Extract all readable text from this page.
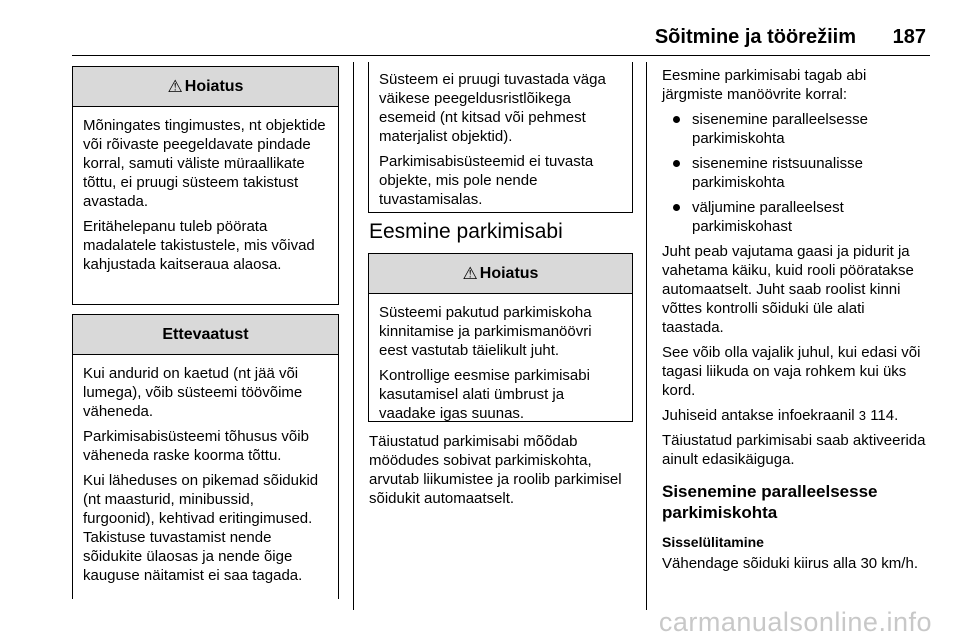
Sõitmine ja töörežiim 187
⚠ Hoiatus

Mõningates tingimustes, nt objektide või rõivaste peegeldavate pindade korral, samuti väliste müraallikate tõttu, ei pruugi süsteem takistust avastada.

Eritähelepanu tuleb pöörata madalatele takistustele, mis võivad kahjustada kaitseraua alaosa.

Ettevaatust

Kui andurid on kaetud (nt jää või lumega), võib süsteemi töövõime väheneda.

Parkimisabisüsteemi tõhusus võib väheneda raske koorma tõttu.

Kui läheduses on pikemad sõidukid (nt maasturid, minibussid, furgoonid), kehtivad eritingimused. Takistuse tuvastamist nende sõidukite ülaosas ja nende õige kauguse näitamist ei saa tagada.

Süsteem ei pruugi tuvastada väga väikese peegeldusristlõikega esemeid (nt kitsad või pehmest materjalist objektid).

Parkimisabisüsteemid ei tuvasta objekte, mis pole nende tuvastamisalas.

Eesmine parkimisabi
⚠ Hoiatus

Süsteemi pakutud parkimiskoha kinnitamise ja parkimismanöövri eest vastutab täielikult juht.

Kontrollige eesmise parkimisabi kasutamisel alati ümbrust ja vaadake igas suunas.

Täiustatud parkimisabi mõõdab möödudes sobivat parkimiskohta, arvutab liikumistee ja roolib parkimisel sõidukit automaatselt.

Eesmine parkimisabi tagab abi järgmiste manöövrite korral:

sisenemine paralleelsesse parkimiskohta
sisenemine ristsuunalisse parkimiskohta
väljumine paralleelsest parkimiskohast

Juht peab vajutama gaasi ja pidurit ja vahetama käiku, kuid rooli pööratakse automaatselt. Juht saab roolist kinni võttes kontrolli sõiduki üle alati taastada.

See võib olla vajalik juhul, kui edasi või tagasi liikuda on vaja rohkem kui üks kord.

Juhiseid antakse infoekraanil 3 114.

Täiustatud parkimisabi saab aktiveerida ainult edasikäiguga.

Sisenemine paralleelsesse parkimiskohta
Sisselülitamine

Vähendage sõiduki kiirus alla 30 km/h.

carmanualsonline.info
